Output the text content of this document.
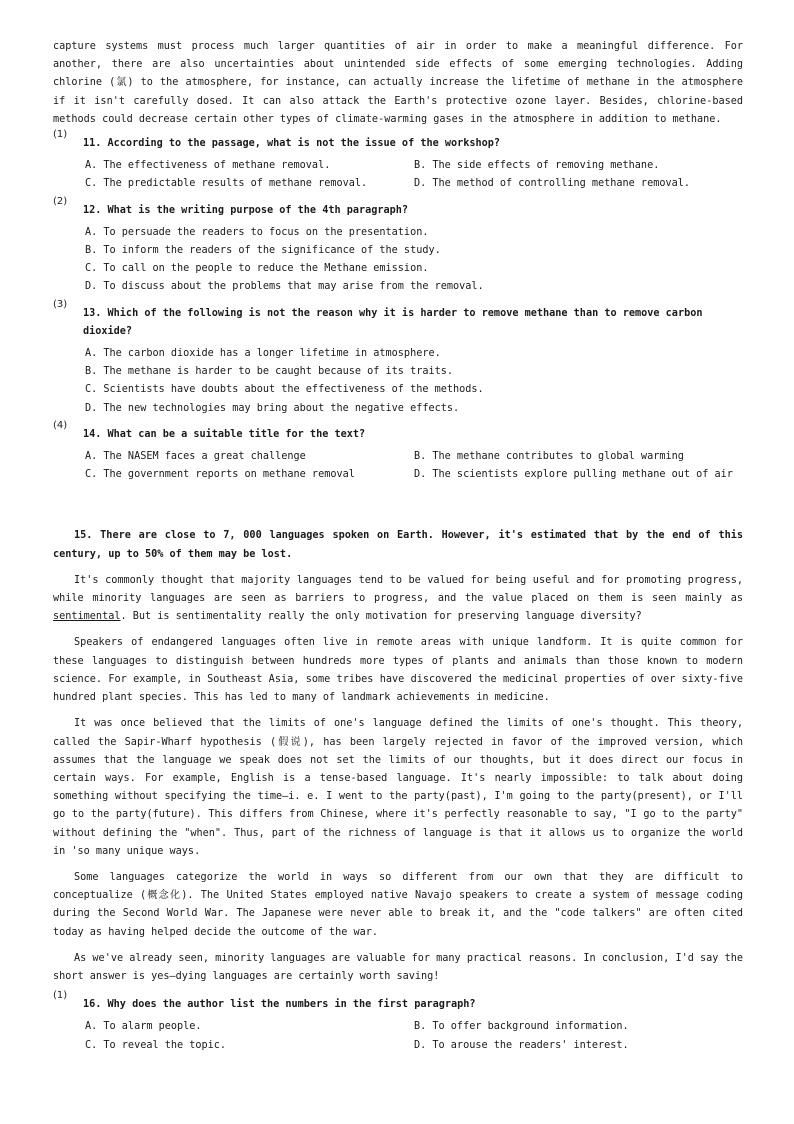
capture systems must process much larger quantities of air in order to make a meaningful difference. For another, there are also uncertainties about unintended side effects of some emerging technologies. Adding chlorine (氯) to the atmosphere, for instance, can actually increase the lifetime of methane in the atmosphere if it isn't carefully dosed. It can also attack the Earth's protective ozone layer. Besides, chlorine-based methods could decrease certain other types of climate-warming gases in the atmosphere in addition to methane.

(1)
11. According to the passage, what is not the issue of the workshop?
A. The effectiveness of methane removal.	B. The side effects of removing methane.
C. The predictable results of methane removal.	D. The method of controlling methane removal.
(2)
12. What is the writing purpose of the 4th paragraph?
A. To persuade the readers to focus on the presentation.
B. To inform the readers of the significance of the study.
C. To call on the people to reduce the Methane emission.
D. To discuss about the problems that may arise from the removal.
(3)
13. Which of the following is not the reason why it is harder to remove methane than to remove carbon dioxide?
A. The carbon dioxide has a longer lifetime in atmosphere.
B. The methane is harder to be caught because of its traits.
C. Scientists have doubts about the effectiveness of the methods.
D. The new technologies may bring about the negative effects.
(4)
14. What can be a suitable title for the text?
A. The NASEM faces a great challenge	B. The methane contributes to global warming
C. The government reports on methane removal	D. The scientists explore pulling methane out of air

15. There are close to 7, 000 languages spoken on Earth. However, it's estimated that by the end of this century, up to 50% of them may be lost.

It's commonly thought that majority languages tend to be valued for being useful and for promoting progress, while minority languages are seen as barriers to progress, and the value placed on them is seen mainly as sentimental. But is sentimentality really the only motivation for preserving language diversity?

Speakers of endangered languages often live in remote areas with unique landform. It is quite common for these languages to distinguish between hundreds more types of plants and animals than those known to modern science. For example, in Southeast Asia, some tribes have discovered the medicinal properties of over sixty-five hundred plant species. This has led to many of landmark achievements in medicine.

It was once believed that the limits of one's language defined the limits of one's thought. This theory, called the Sapir-Wharf hypothesis (假说), has been largely rejected in favor of the improved version, which assumes that the language we speak does not set the limits of our thoughts, but it does direct our focus in certain ways. For example, English is a tense-based language. It's nearly impossible: to talk about doing something without specifying the time—i. e. I went to the party(past), I'm going to the party(present), or I'll go to the party(future). This differs from Chinese, where it's perfectly reasonable to say, "I go to the party" without defining the "when". Thus, part of the richness of language is that it allows us to organize the world in 'so many unique ways.

Some languages categorize the world in ways so different from our own that they are difficult to conceptualize (概念化). The United States employed native Navajo speakers to create a system of message coding during the Second World War. The Japanese were never able to break it, and the "code talkers" are often cited today as having helped decide the outcome of the war.

As we've already seen, minority languages are valuable for many practical reasons. In conclusion, I'd say the short answer is yes—dying languages are certainly worth saving!

(1)
16. Why does the author list the numbers in the first paragraph?
A. To alarm people.	B. To offer background information.
C. To reveal the topic.	D. To arouse the readers' interest.
